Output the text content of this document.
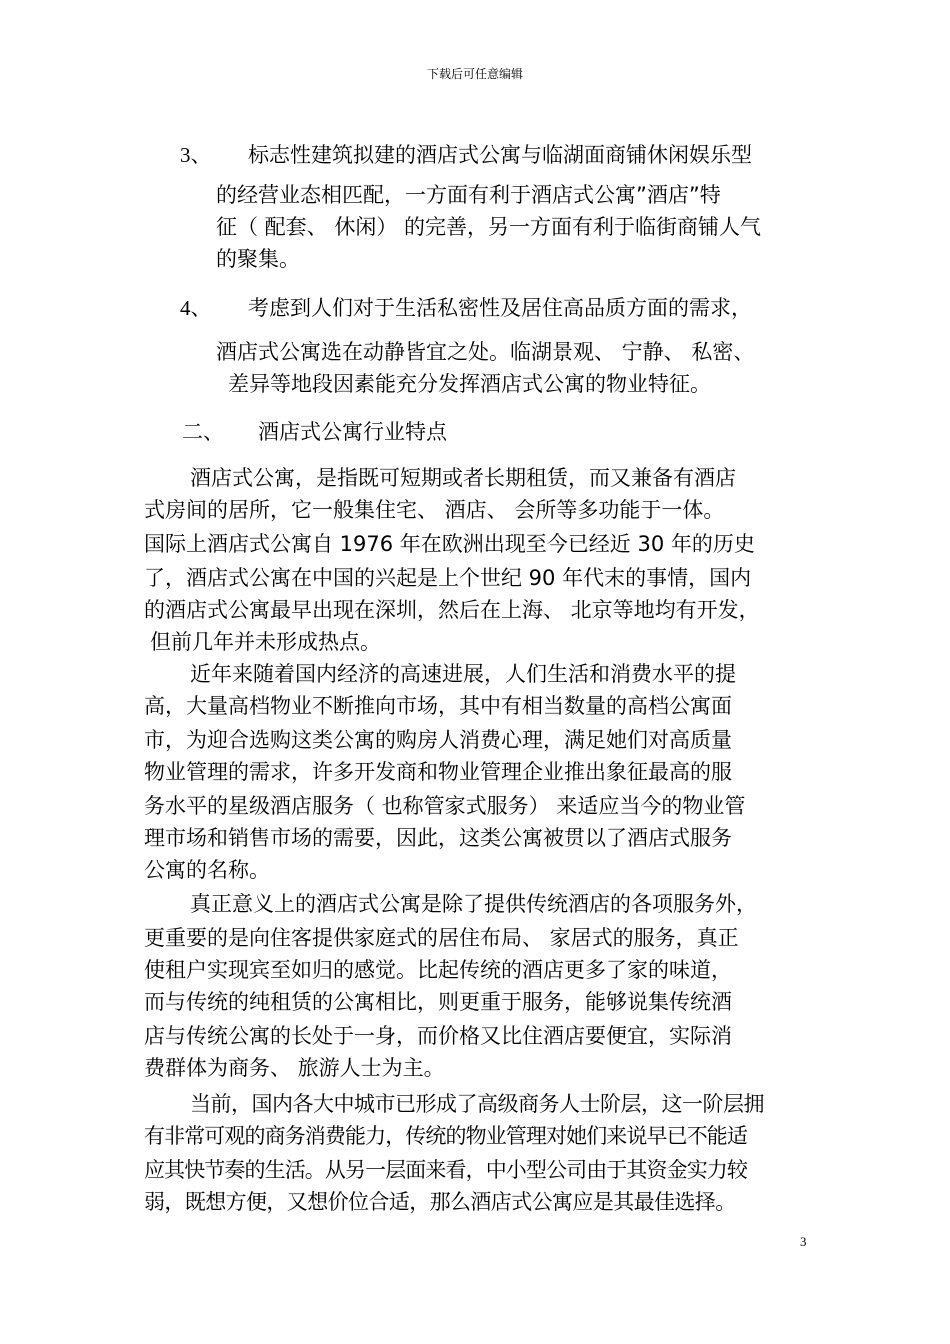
下载后可任意编辑
3、 标志性建筑拟建的酒店式公寓与临湖面商铺休闲娱乐型
的经营业态相匹配，一方面有利于酒店式公寓”酒店”特
征（ 配套、 休闲） 的完善，另一方面有利于临街商铺人气
的聚集。
4、 考虑到人们对于生活私密性及居住高品质方面的需求，
酒店式公寓选在动静皆宜之处。临湖景观、 宁静、 私密、
差异等地段因素能充分发挥酒店式公寓的物业特征。
二、 酒店式公寓行业特点
酒店式公寓，是指既可短期或者长期租赁，而又兼备有酒店
式房间的居所，它一般集住宅、 酒店、 会所等多功能于一体。
国际上酒店式公寓自 1976 年在欧洲出现至今已经近 30 年的历史
了，酒店式公寓在中国的兴起是上个世纪 90 年代末的事情，国内
的酒店式公寓最早出现在深圳，然后在上海、 北京等地均有开发，
但前几年并未形成热点。
近年来随着国内经济的高速进展，人们生活和消费水平的提
高，大量高档物业不断推向市场，其中有相当数量的高档公寓面
市，为迎合选购这类公寓的购房人消费心理，满足她们对高质量
物业管理的需求，许多开发商和物业管理企业推出象征最高的服
务水平的星级酒店服务（ 也称管家式服务） 来适应当今的物业管
理市场和销售市场的需要，因此，这类公寓被贯以了酒店式服务
公寓的名称。
真正意义上的酒店式公寓是除了提供传统酒店的各项服务外，
更重要的是向住客提供家庭式的居住布局、 家居式的服务，真正
使租户实现宾至如归的感觉。比起传统的酒店更多了家的味道，
而与传统的纯租赁的公寓相比，则更重于服务，能够说集传统酒
店与传统公寓的长处于一身，而价格又比住酒店要便宜，实际消
费群体为商务、 旅游人士为主。
当前，国内各大中城市已形成了高级商务人士阶层，这一阶层拥
有非常可观的商务消费能力，传统的物业管理对她们来说早已不能适
应其快节奏的生活。从另一层面来看，中小型公司由于其资金实力较
弱，既想方便，又想价位合适，那么酒店式公寓应是其最佳选择。
3
